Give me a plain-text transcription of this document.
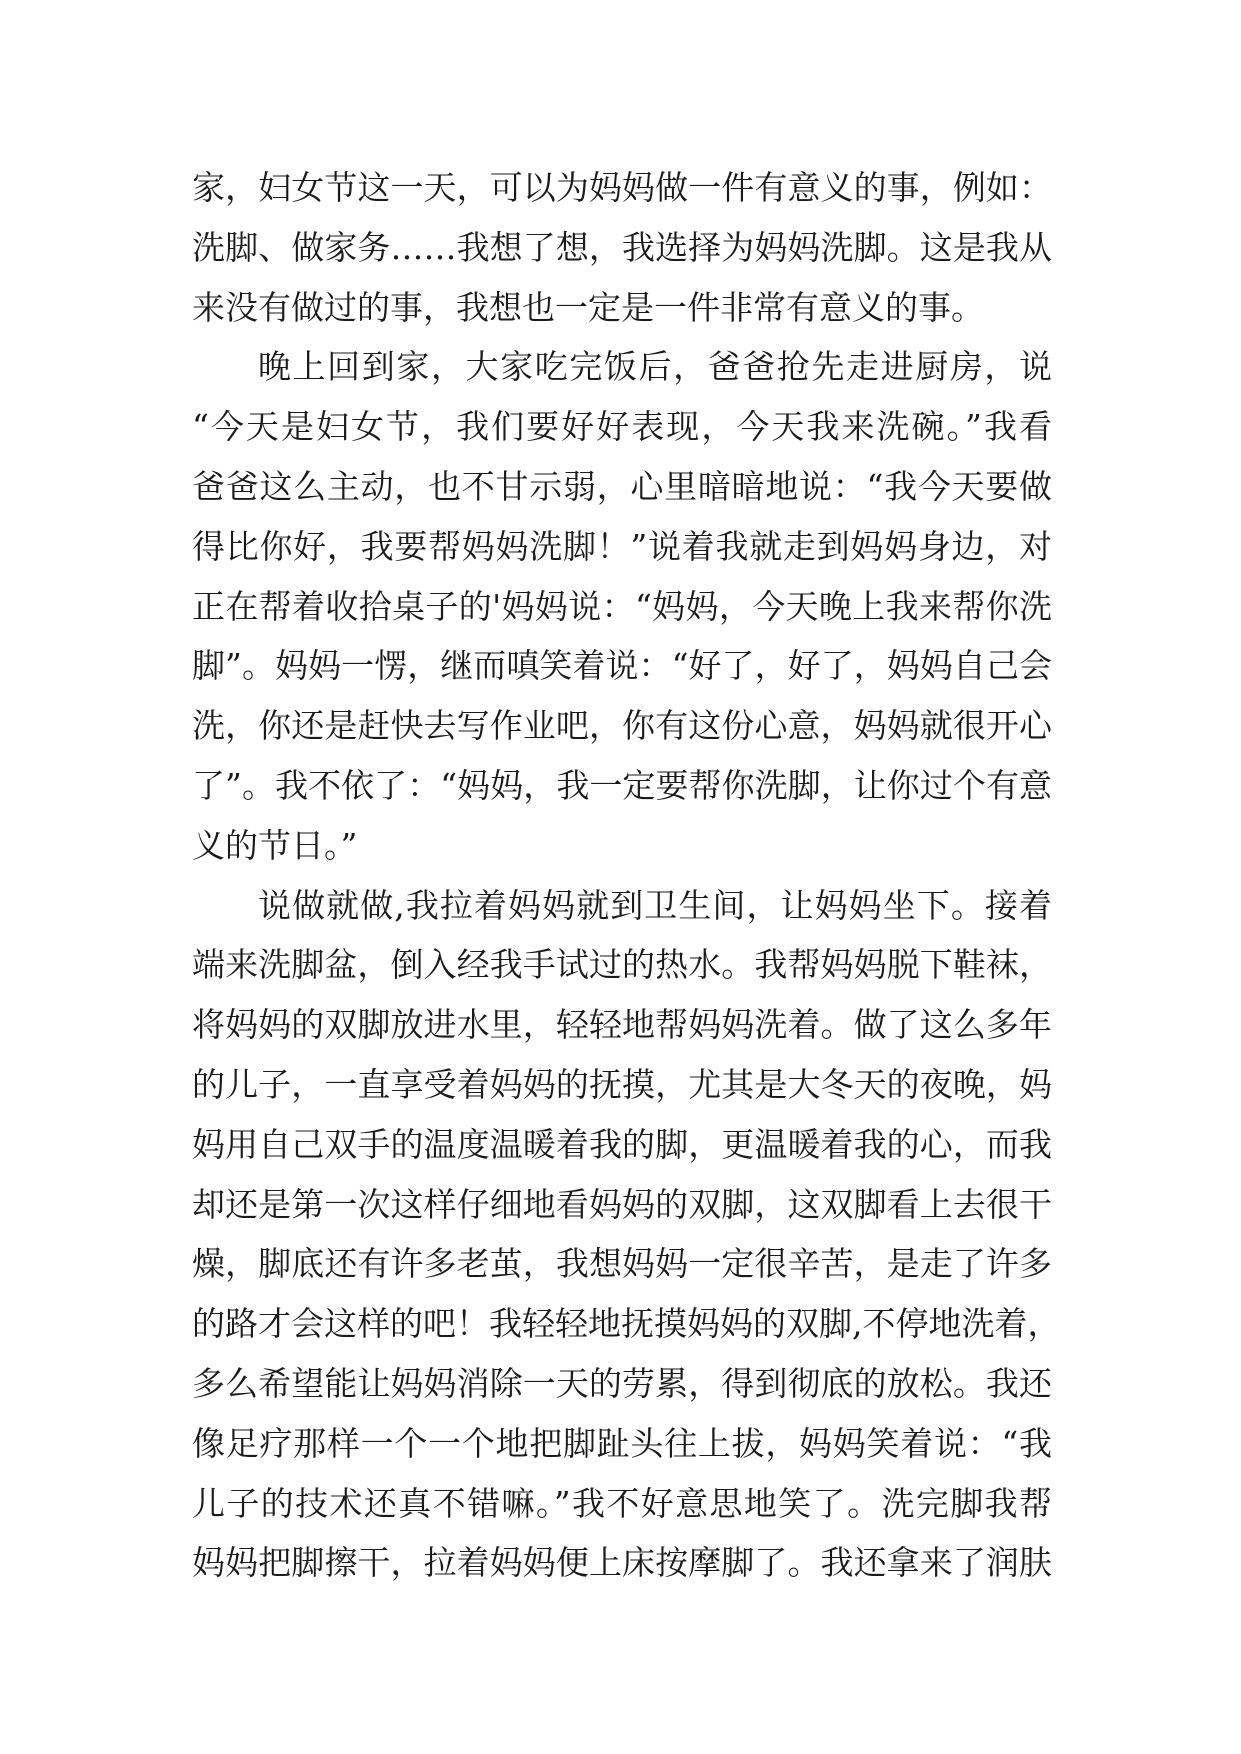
家，妇女节这一天，可以为妈妈做一件有意义的事，例如：
洗脚、做家务……我想了想，我选择为妈妈洗脚。这是我从
来没有做过的事，我想也一定是一件非常有意义的事。
晚上回到家，大家吃完饭后，爸爸抢先走进厨房，说
“今天是妇女节，我们要好好表现，今天我来洗碗。”我看
爸爸这么主动，也不甘示弱，心里暗暗地说：“我今天要做
得比你好，我要帮妈妈洗脚！”说着我就走到妈妈身边，对
正在帮着收拾桌子的'妈妈说：“妈妈，今天晚上我来帮你洗
脚”。妈妈一愣，继而嗔笑着说：“好了，好了，妈妈自己会
洗，你还是赶快去写作业吧，你有这份心意，妈妈就很开心
了”。我不依了：“妈妈，我一定要帮你洗脚，让你过个有意
义的节日。”
说做就做,我拉着妈妈就到卫生间，让妈妈坐下。接着
端来洗脚盆，倒入经我手试过的热水。我帮妈妈脱下鞋袜，
将妈妈的双脚放进水里，轻轻地帮妈妈洗着。做了这么多年
的儿子，一直享受着妈妈的抚摸，尤其是大冬天的夜晚，妈
妈用自己双手的温度温暖着我的脚，更温暖着我的心，而我
却还是第一次这样仔细地看妈妈的双脚，这双脚看上去很干
燥，脚底还有许多老茧，我想妈妈一定很辛苦，是走了许多
的路才会这样的吧！我轻轻地抚摸妈妈的双脚,不停地洗着，
多么希望能让妈妈消除一天的劳累，得到彻底的放松。我还
像足疗那样一个一个地把脚趾头往上拔，妈妈笑着说：“我
儿子的技术还真不错嘛。”我不好意思地笑了。洗完脚我帮
妈妈把脚擦干，拉着妈妈便上床按摩脚了。我还拿来了润肤
